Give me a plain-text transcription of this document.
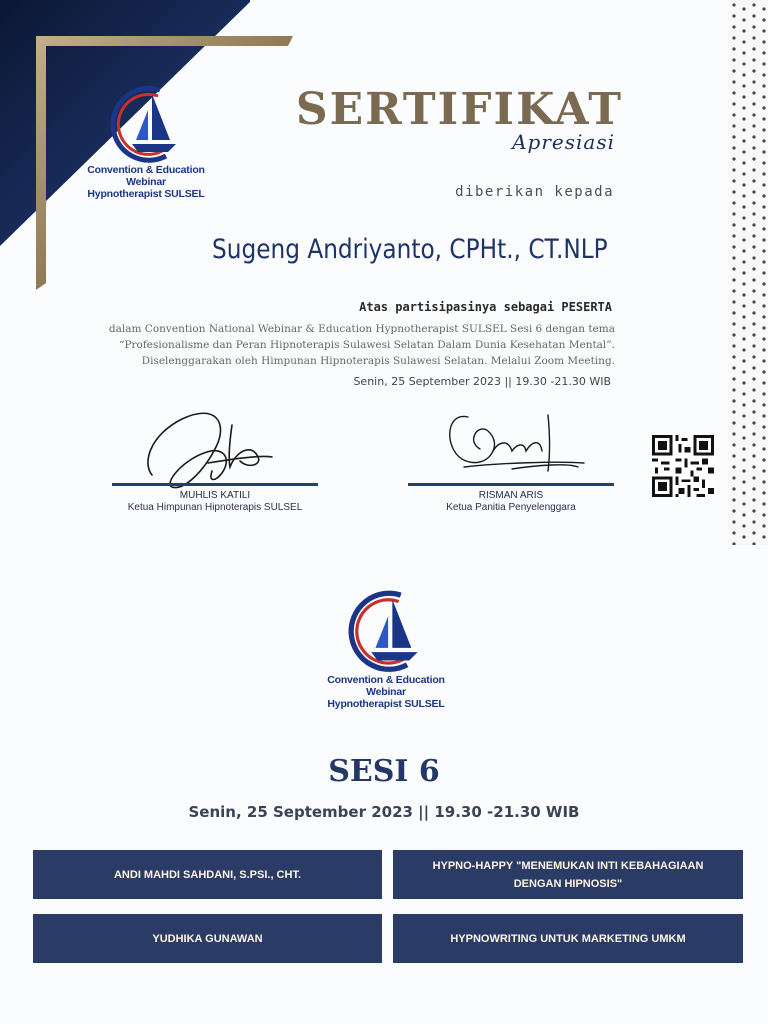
Convention & Education Webinar
Hypnotherapist SULSEL
SERTIFIKAT
Apresiasi
diberikan kepada
Sugeng Andriyanto, CPHt., CT.NLP
Atas partisipasinya sebagai PESERTA
dalam Convention National Webinar & Education Hypnotherapist SULSEL Sesi 6 dengan tema
“Profesionalisme dan Peran Hipnoterapis Sulawesi Selatan Dalam Dunia Kesehatan Mental”.
Diselenggarakan oleh Himpunan Hipnoterapis Sulawesi Selatan. Melalui Zoom Meeting.
Senin, 25 September 2023 || 19.30 -21.30 WIB
MUHLIS KATILI
Ketua Himpunan Hipnoterapis SULSEL
RISMAN ARIS
Ketua Panitia Penyelenggara
Convention & Education Webinar
Hypnotherapist SULSEL
SESI 6
Senin, 25 September 2023 || 19.30 -21.30 WIB
ANDI MAHDI SAHDANI, S.PSI., CHT.
HYPNO-HAPPY "MENEMUKAN INTI KEBAHAGIAAN DENGAN HIPNOSIS"
YUDHIKA GUNAWAN	HYPNOWRITING UNTUK MARKETING UMKM
